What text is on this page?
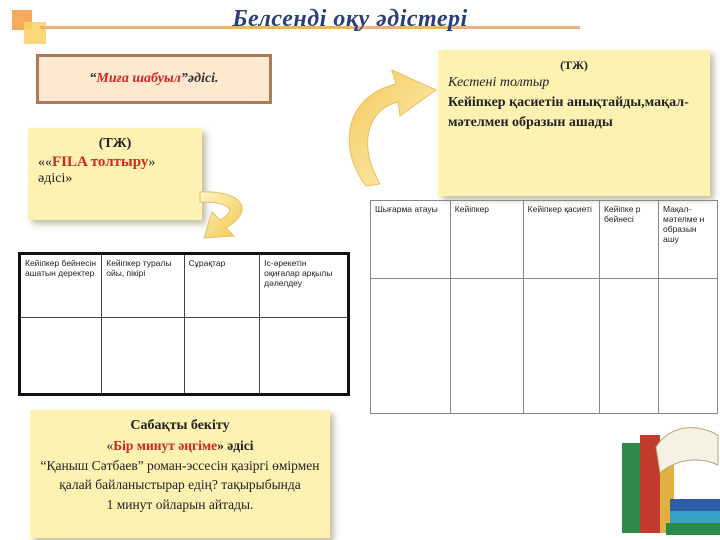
Белсенді оқу әдістері
“ Миға шабуыл ”әдісі.
(ТЖ)
««FILA толтыру»
әдісі»
(ТЖ)
Кестені толтыр
Кейіпкер қасиетін анықтайды,мақал-мәтелмен образын ашады
Кейіпкер бейнесін ашатын деректер	Кейіпкер туралы ойы, пікірі	Сұрақтар	Іс-әрекетін оқиғалар арқылы дәлелдеу

Шығарма атауы	Кейіпкер	Кейіпкер қасиеті	Кейіпке р бейнесі	Мақал-мәтелме н образын ашу

Сабақты бекіту
«Бір минут әңгіме» әдісі
“Қаныш Сәтбаев” роман-эссесін қазіргі өмірмен қалай байланыстырар едің? тақырыбында
1 минут ойларын айтады.
